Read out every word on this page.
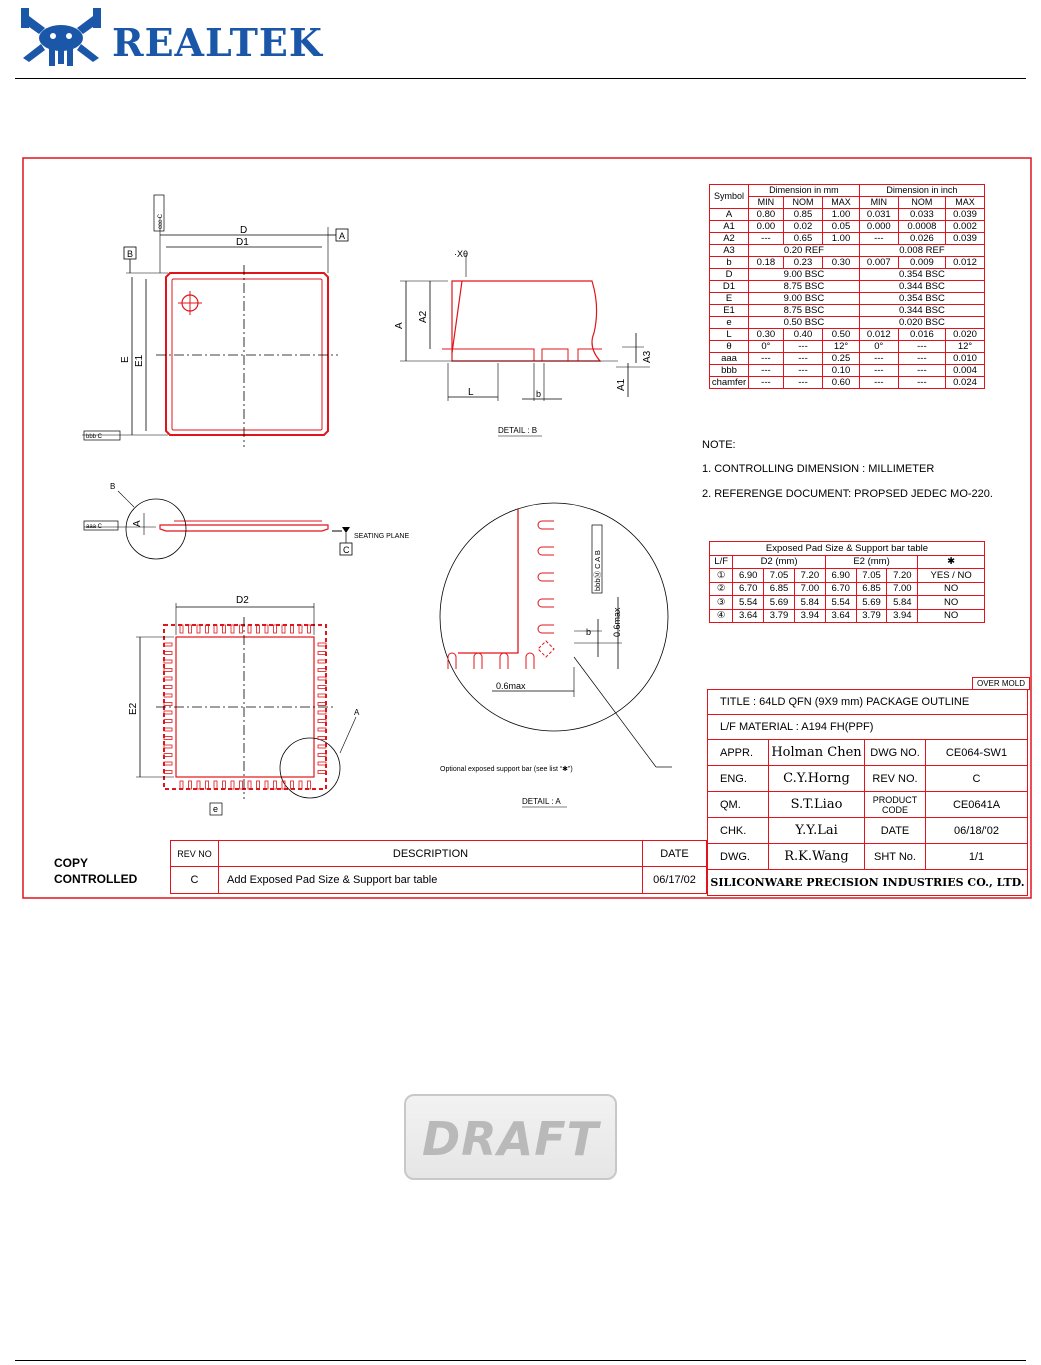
REALTEK
D
D1
E E1
A
B
ccc C
bbb C
SEATING PLANE
C
B
A
aaa C
D2
E2	A
e
DETAIL : A
A
A2
A3
A1
L	b
·Xθ
DETAIL : B
bbbⓂ C A B
b 0.6max
0.6max
Optional exposed support bar (see list “✱”)
Symbol	Dimension in mm			Dimension in inch		
	MIN	NOM	MAX	MIN	NOM	MAX
A	0.80	0.85	1.00	0.031	0.033	0.039
A1	0.00	0.02	0.05	0.000	0.0008	0.002
A2	---	0.65	1.00	---	0.026	0.039
A3	0.20 REF			0.008 REF		
b	0.18	0.23	0.30	0.007	0.009	0.012
D	9.00 BSC			0.354 BSC		
D1	8.75 BSC			0.344 BSC		
E	9.00 BSC			0.354 BSC		
E1	8.75 BSC			0.344 BSC		
e	0.50 BSC			0.020 BSC		
L	0.30	0.40	0.50	0.012	0.016	0.020
θ	0°	---	12°	0°	---	12°
aaa	---	---	0.25	---	---	0.010
bbb	---	---	0.10	---	---	0.004
chamfer	---	---	0.60	---	---	0.024
NOTE:
1. CONTROLLING DIMENSION : MILLIMETER
2. REFERENGE DOCUMENT: PROPSED JEDEC MO-220.
Exposed Pad Size & Support bar table							
L/F	D2 (mm)			E2 (mm)			✱
①	6.90	7.05	7.20	6.90	7.05	7.20	YES / NO
②	6.70	6.85	7.00	6.70	6.85	7.00	NO
③	5.54	5.69	5.84	5.54	5.69	5.84	NO
④	3.64	3.79	3.94	3.64	3.79	3.94	NO
OVER MOLD
TITLE : 64LD QFN (9X9 mm) PACKAGE OUTLINE			
L/F MATERIAL : A194 FH(PPF)			
APPR.	Holman Chen	DWG NO.	CE064-SW1
ENG.	C.Y.Horng	REV NO.	C
QM.	S.T.Liao	PRODUCT CODE	CE0641A
CHK.	Y.Y.Lai	DATE	06/18/'02
DWG.	R.K.Wang	SHT No.	1/1
SILICONWARE PRECISION INDUSTRIES CO., LTD.			
REV NO	DESCRIPTION	DATE
C	Add Exposed Pad Size & Support bar table	06/17/02
COPY
CONTROLLED
DRAFT
